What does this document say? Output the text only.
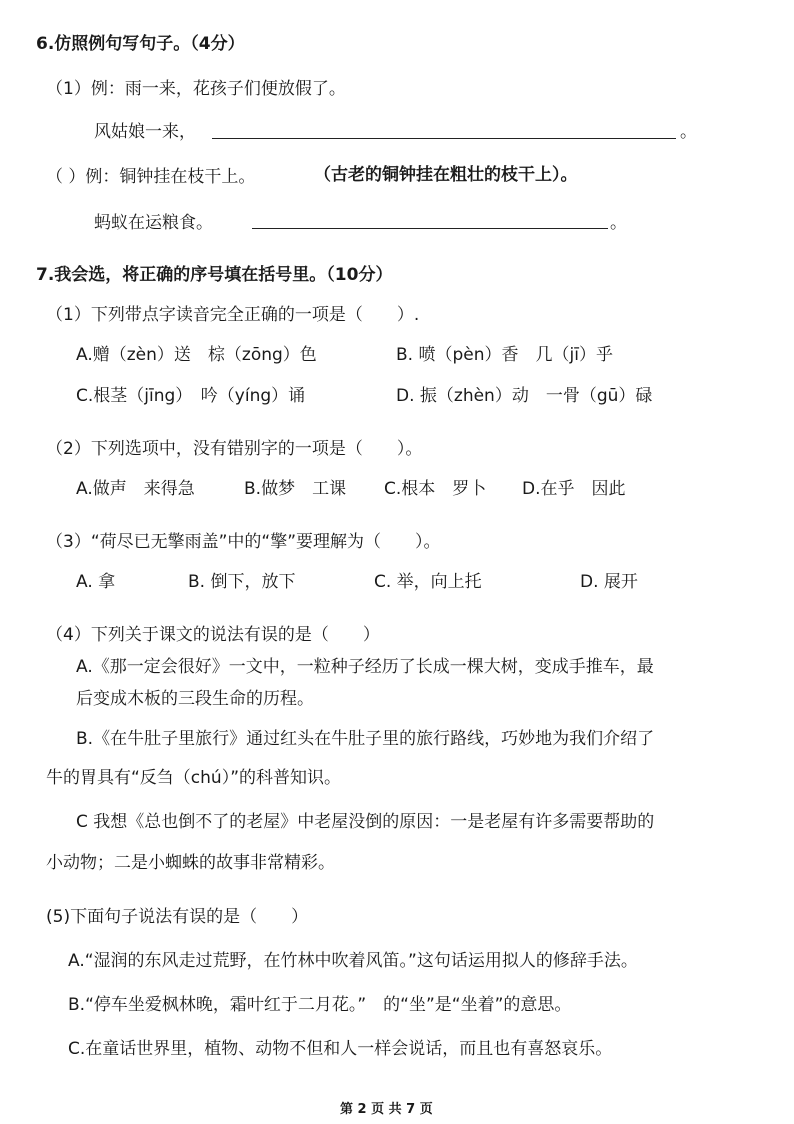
6.仿照例句写句子。（4分）
（1）例：雨一来，花孩子们便放假了。
风姑娘一来，	。
（ ）例：铜钟挂在枝干上。	（古老的铜钟挂在粗壮的枝干上）。
蚂蚁在运粮食。	。
7.我会选，将正确的序号填在括号里。（10分）
（1）下列带点字读音完全正确的一项是（　　）.
A.赠（zèn）送　棕（zōng）色	B. 喷（pèn）香　几（jī）乎
C.根茎（jīng）　吟（yíng）诵	D. 振（zhèn）动　一骨（gū）碌
（2）下列选项中，没有错别字的一项是（　　）。
A.做声　来得急	B.做梦　工课 C.根本　罗卜 D.在乎　因此
（3）“荷尽已无擎雨盖”中的“擎”要理解为（　　）。
A. 拿	B. 倒下，放下	C. 举，向上托	D. 展开
（4）下列关于课文的说法有误的是（　　）
A.《那一定会很好》一文中，一粒种子经历了长成一棵大树，变成手推车，最
后变成木板的三段生命的历程。
B.《在牛肚子里旅行》通过红头在牛肚子里的旅行路线，巧妙地为我们介绍了
牛的胃具有“反刍（chú）”的科普知识。
C 我想《总也倒不了的老屋》中老屋没倒的原因：一是老屋有许多需要帮助的
小动物；二是小蜘蛛的故事非常精彩。
(5)下面句子说法有误的是（　　）
A.“湿润的东风走过荒野，在竹林中吹着风笛。”这句话运用拟人的修辞手法。
B.“停车坐爱枫林晚，霜叶红于二月花。”　的“坐”是“坐着”的意思。
C.在童话世界里，植物、动物不但和人一样会说话，而且也有喜怒哀乐。
第 2 页 共 7 页
